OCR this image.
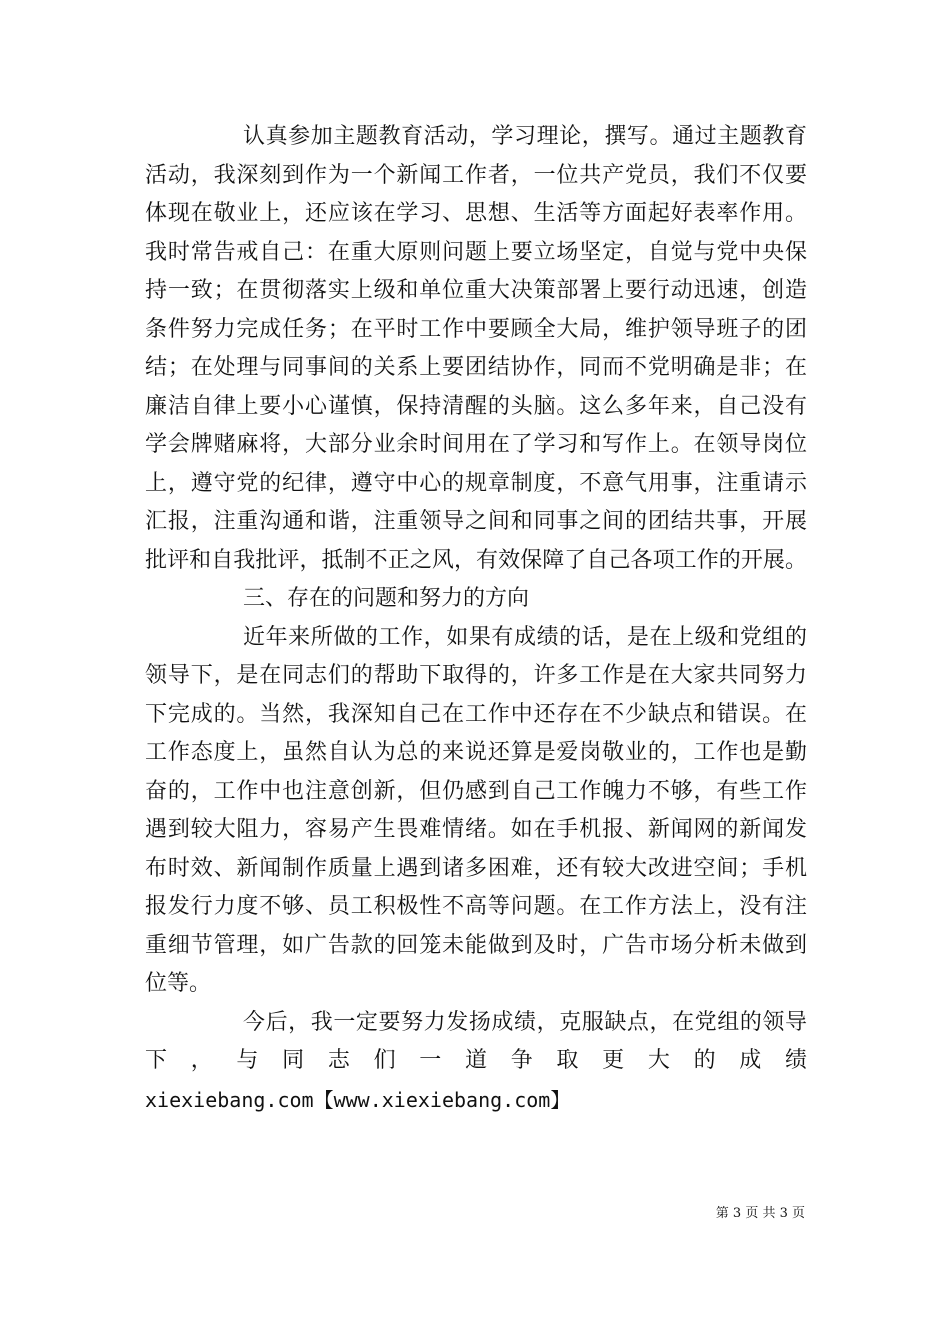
认真参加主题教育活动，学习理论，撰写。通过主题教育
活动，我深刻到作为一个新闻工作者，一位共产党员，我们不仅要
体现在敬业上，还应该在学习、思想、生活等方面起好表率作用。
我时常告戒自己：在重大原则问题上要立场坚定，自觉与党中央保
持一致；在贯彻落实上级和单位重大决策部署上要行动迅速，创造
条件努力完成任务；在平时工作中要顾全大局，维护领导班子的团
结；在处理与同事间的关系上要团结协作，同而不党明确是非；在
廉洁自律上要小心谨慎，保持清醒的头脑。这么多年来，自己没有
学会牌赌麻将，大部分业余时间用在了学习和写作上。在领导岗位
上，遵守党的纪律，遵守中心的规章制度，不意气用事，注重请示
汇报，注重沟通和谐，注重领导之间和同事之间的团结共事，开展
批评和自我批评，抵制不正之风，有效保障了自己各项工作的开展。
三、存在的问题和努力的方向
近年来所做的工作，如果有成绩的话，是在上级和党组的
领导下，是在同志们的帮助下取得的，许多工作是在大家共同努力
下完成的。当然，我深知自己在工作中还存在不少缺点和错误。在
工作态度上，虽然自认为总的来说还算是爱岗敬业的，工作也是勤
奋的，工作中也注意创新，但仍感到自己工作魄力不够，有些工作
遇到较大阻力，容易产生畏难情绪。如在手机报、新闻网的新闻发
布时效、新闻制作质量上遇到诸多困难，还有较大改进空间；手机
报发行力度不够、员工积极性不高等问题。在工作方法上，没有注
重细节管理，如广告款的回笼未能做到及时，广告市场分析未做到
位等。
今后，我一定要努力发扬成绩，克服缺点，在党组的领导
下 ， 与 同 志 们 一 道 争 取 更 大 的 成 绩
xiexiebang.com【www.xiexiebang.com】
第 3 页 共 3 页
